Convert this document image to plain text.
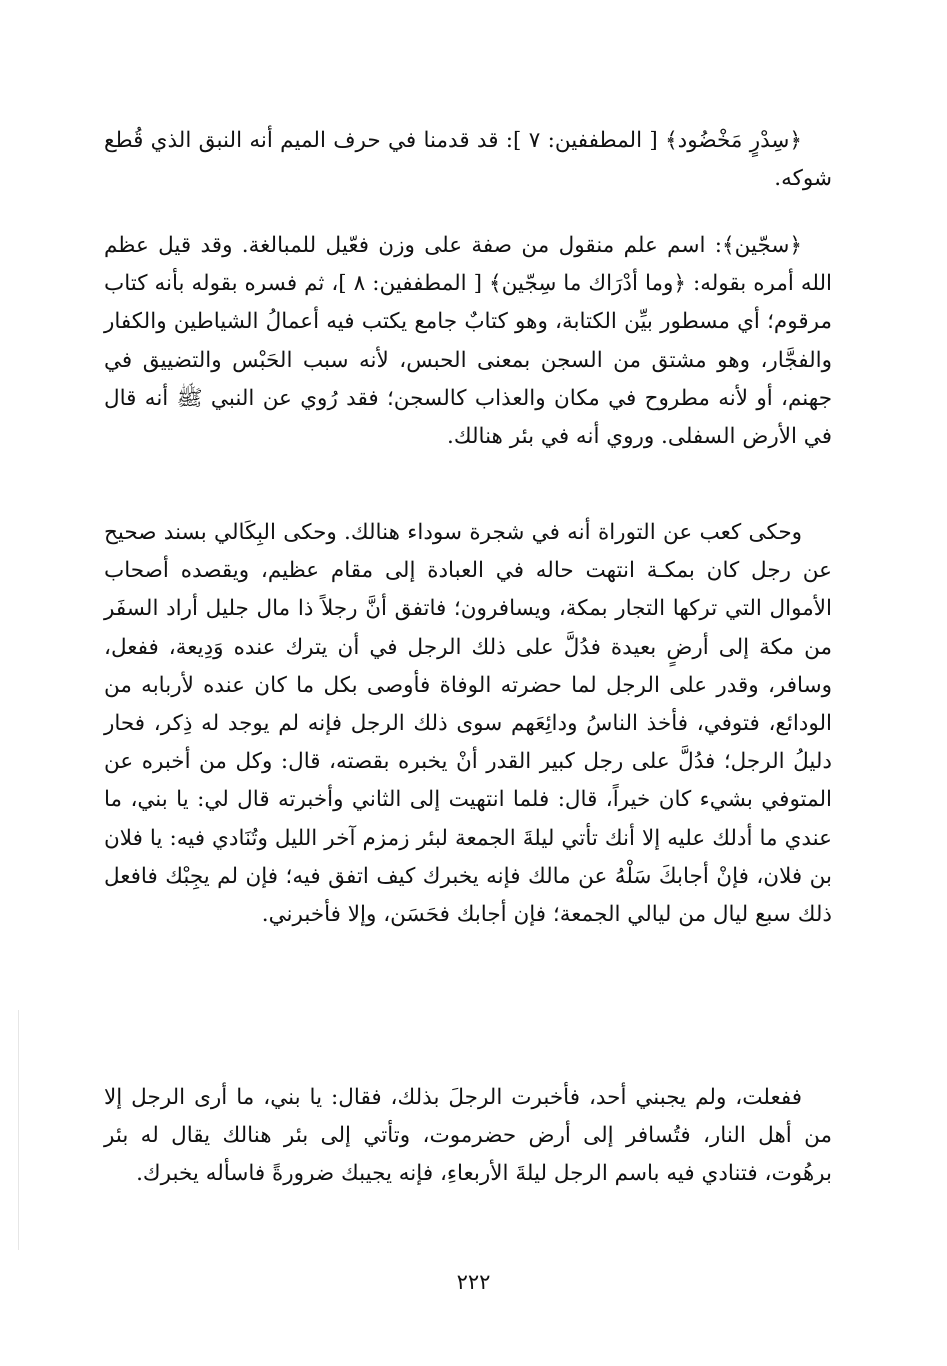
﴿سِدْرٍ مَخْضُود﴾ [ المطففين: ٧ ]: قد قدمنا في حرف الميم أنه النبق الذي قُطع شوكه.

﴿سجّين﴾: اسم علم منقول من صفة على وزن فعّيل للمبالغة. وقد قيل عظم الله أمره بقوله: ﴿وما أدْرَاك ما سِجّين﴾ [ المطففين: ٨ ]، ثم فسره بقوله بأنه كتاب مرقوم؛ أي مسطور بيِّن الكتابة، وهو كتابٌ جامع يكتب فيه أعمالُ الشياطين والكفار والفجَّار، وهو مشتق من السجن بمعنى الحبس، لأنه سبب الحَبْس والتضييق في جهنم، أو لأنه مطروح في مكان والعذاب كالسجن؛ فقد رُوي عن النبي ﷺ أنه قال في الأرض السفلى. وروي أنه في بئر هنالك.

وحكى كعب عن التوراة أنه في شجرة سوداء هنالك. وحكى البِكَالي بسند صحيح عن رجل كان بمكـة انتهت حاله في العبادة إلى مقام عظيم، ويقصده أصحاب الأموال التي تركها التجار بمكة، ويسافرون؛ فاتفق أنَّ رجلاً ذا مال جليل أراد السفَر من مكة إلى أرضٍ بعيدة فدُلَّ على ذلك الرجل في أن يترك عنده وَدِيعة، ففعل، وسافر، وقدر على الرجل لما حضرته الوفاة فأوصى بكل ما كان عنده لأربابه من الودائع، فتوفي، فأخذ الناسُ ودائِعَهم سوى ذلك الرجل فإنه لم يوجد له ذِكر، فحار دليلُ الرجل؛ فدُلَّ على رجل كبير القدر أنْ يخبره بقصته، قال: وكل من أخبره عن المتوفي بشيء كان خيراً، قال: فلما انتهيت إلى الثاني وأخبرته قال لي: يا بني، ما عندي ما أدلك عليه إلا أنك تأتي ليلةَ الجمعة لبئر زمزم آخر الليل وتُنَادي فيه: يا فلان بن فلان، فإنْ أجابكَ سَلْهُ عن مالك فإنه يخبرك كيف اتفق فيه؛ فإن لم يجِبْك فافعل ذلك سبع ليال من ليالي الجمعة؛ فإن أجابك فحَسَن، وإلا فأخبرني.

ففعلت، ولم يجبني أحد، فأخبرت الرجلَ بذلك، فقال: يا بني، ما أرى الرجل إلا من أهل النار، فتُسافر إلى أرض حضرموت، وتأتي إلى بئر هنالك يقال له بئر برهُوت، فتنادي فيه باسم الرجل ليلةَ الأربعاءِ، فإنه يجيبك ضرورةً فاسأله يخبرك.

٢٢٢
